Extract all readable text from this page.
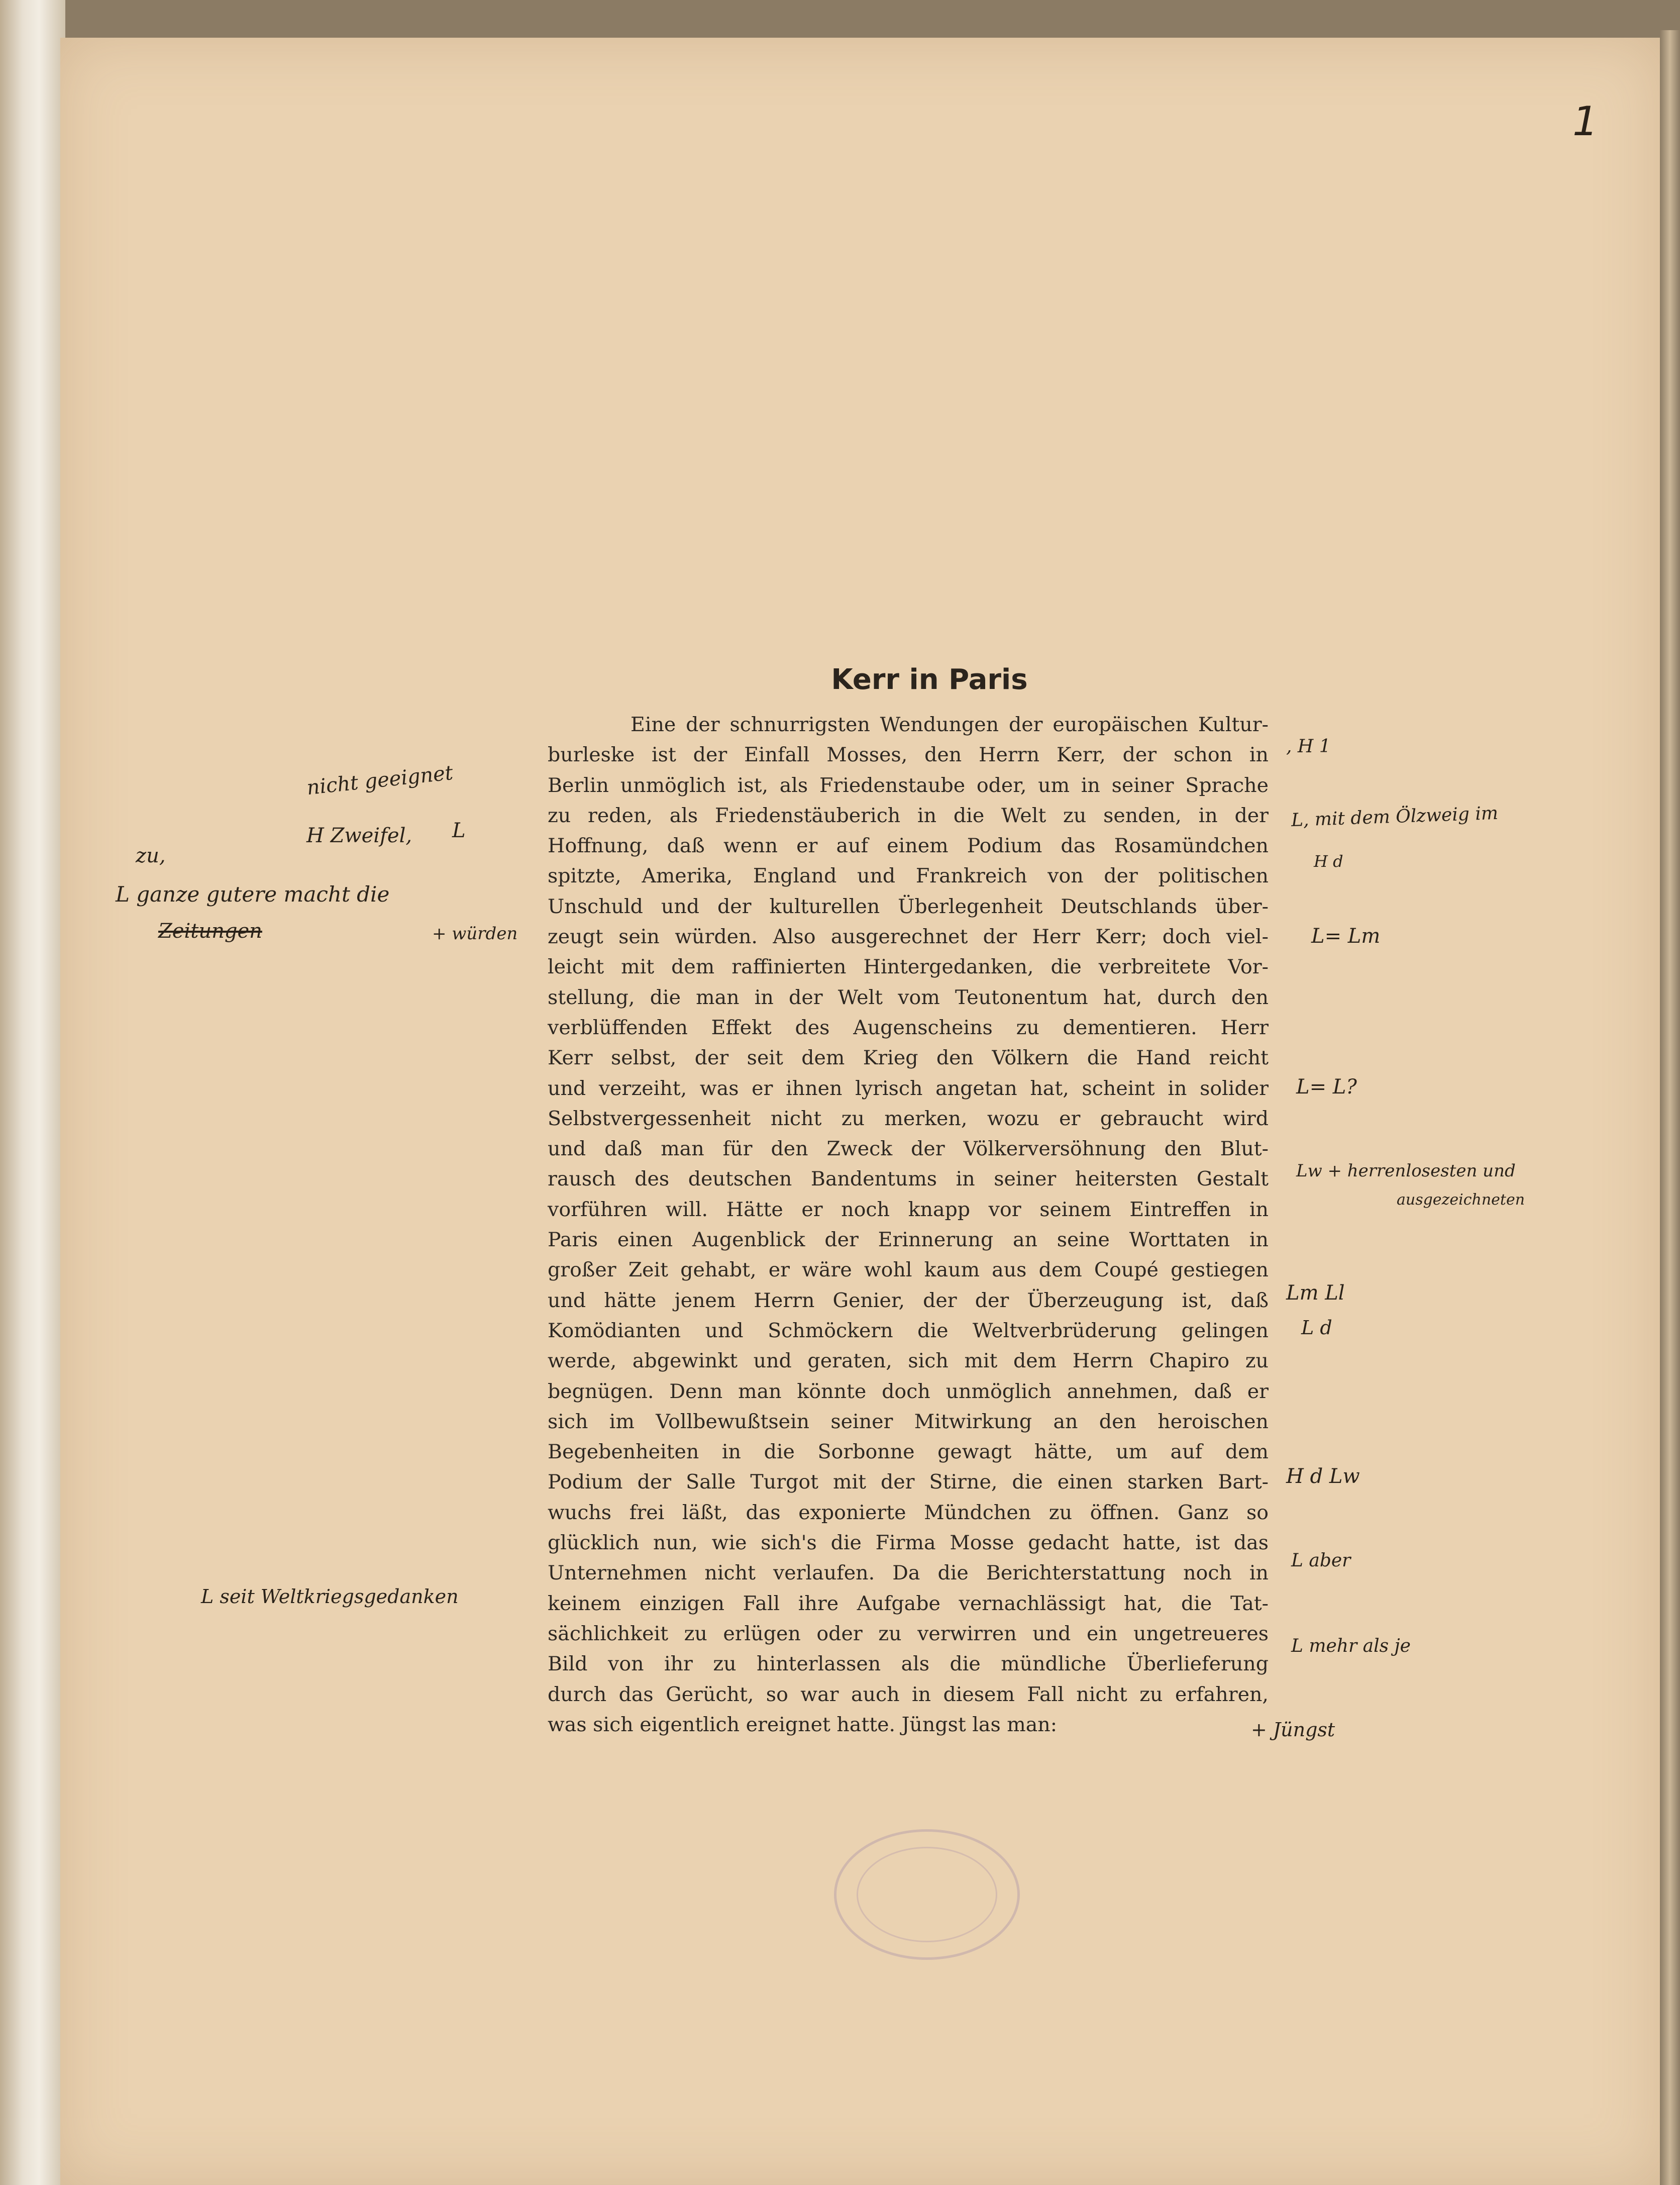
1
Kerr in Paris
Eine der schnurrigsten Wendungen der europäischen Kultur-
burleske ist der Einfall Mosses, den Herrn Kerr, der schon in
Berlin unmöglich ist, als Friedenstaube oder, um in seiner Sprache
zu reden, als Friedenstäuberich in die Welt zu senden, in der
Hoffnung, daß wenn er auf einem Podium das Rosamündchen
spitzte, Amerika, England und Frankreich von der politischen
Unschuld und der kulturellen Überlegenheit Deutschlands über-
zeugt sein würden. Also ausgerechnet der Herr Kerr; doch viel-
leicht mit dem raffinierten Hintergedanken, die verbreitete Vor-
stellung, die man in der Welt vom Teutonentum hat, durch den
verblüffenden Effekt des Augenscheins zu dementieren. Herr
Kerr selbst, der seit dem Krieg den Völkern die Hand reicht
und verzeiht, was er ihnen lyrisch angetan hat, scheint in solider
Selbstvergessenheit nicht zu merken, wozu er gebraucht wird
und daß man für den Zweck der Völkerversöhnung den Blut-
rausch des deutschen Bandentums in seiner heitersten Gestalt
vorführen will. Hätte er noch knapp vor seinem Eintreffen in
Paris einen Augenblick der Erinnerung an seine Worttaten in
großer Zeit gehabt, er wäre wohl kaum aus dem Coupé gestiegen
und hätte jenem Herrn Genier, der der Überzeugung ist, daß
Komödianten und Schmöckern die Weltverbrüderung gelingen
werde, abgewinkt und geraten, sich mit dem Herrn Chapiro zu
begnügen. Denn man könnte doch unmöglich annehmen, daß er
sich im Vollbewußtsein seiner Mitwirkung an den heroischen
Begebenheiten in die Sorbonne gewagt hätte, um auf dem
Podium der Salle Turgot mit der Stirne, die einen starken Bart-
wuchs frei läßt, das exponierte Mündchen zu öffnen. Ganz so
glücklich nun, wie sich's die Firma Mosse gedacht hatte, ist das
Unternehmen nicht verlaufen. Da die Berichterstattung noch in
keinem einzigen Fall ihre Aufgabe vernachlässigt hat, die Tat-
sächlichkeit zu erlügen oder zu verwirren und ein ungetreueres
Bild von ihr zu hinterlassen als die mündliche Überlieferung
durch das Gerücht, so war auch in diesem Fall nicht zu erfahren,
was sich eigentlich ereignet hatte. Jüngst las man:
nicht geeignet
H Zweifel, L
zu,
L ganze gutere macht die
Zeitungen	+ würden
L seit Weltkriegsgedanken
, H 1
L, mit dem Ölzweig im
H d
L= Lm
L= L?
Lw + herrenlosesten und
ausgezeichneten
Lm Ll
L d
H d Lw
L aber
L mehr als je
+ Jüngst
